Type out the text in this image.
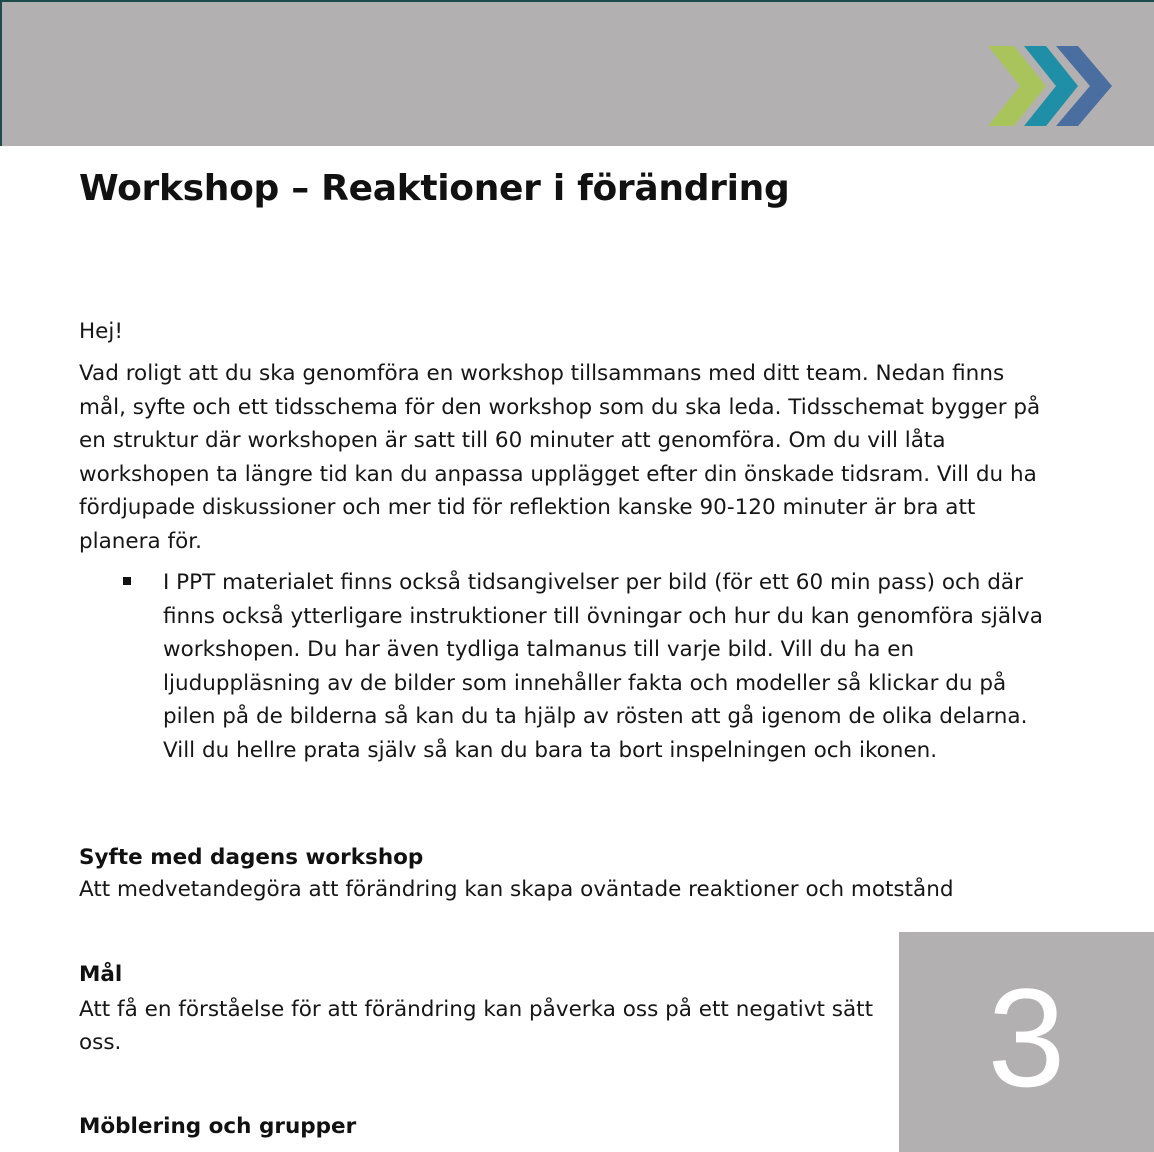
Workshop – Reaktioner i förändring

Hej!

Vad roligt att du ska genomföra en workshop tillsammans med ditt team. Nedan finns mål, syfte och ett tidsschema för den workshop som du ska leda. Tidsschemat bygger på en struktur där workshopen är satt till 60 minuter att genomföra. Om du vill låta workshopen ta längre tid kan du anpassa upplägget efter din önskade tidsram. Vill du ha fördjupade diskussioner och mer tid för reflektion kanske 90-120 minuter är bra att planera för.

I PPT materialet finns också tidsangivelser per bild (för ett 60 min pass) och där finns också ytterligare instruktioner till övningar och hur du kan genomföra själva workshopen. Du har även tydliga talmanus till varje bild. Vill du ha en ljuduppläsning av de bilder som innehåller fakta och modeller så klickar du på pilen på de bilderna så kan du ta hjälp av rösten att gå igenom de olika delarna. Vill du hellre prata själv så kan du bara ta bort inspelningen och ikonen.

Syfte med dagens workshop

Att medvetandegöra att förändring kan skapa oväntade reaktioner och motstånd

Mål

Att få en förståelse för att förändring kan påverka oss på ett negativt sätt

oss.

Möblering och grupper
3
